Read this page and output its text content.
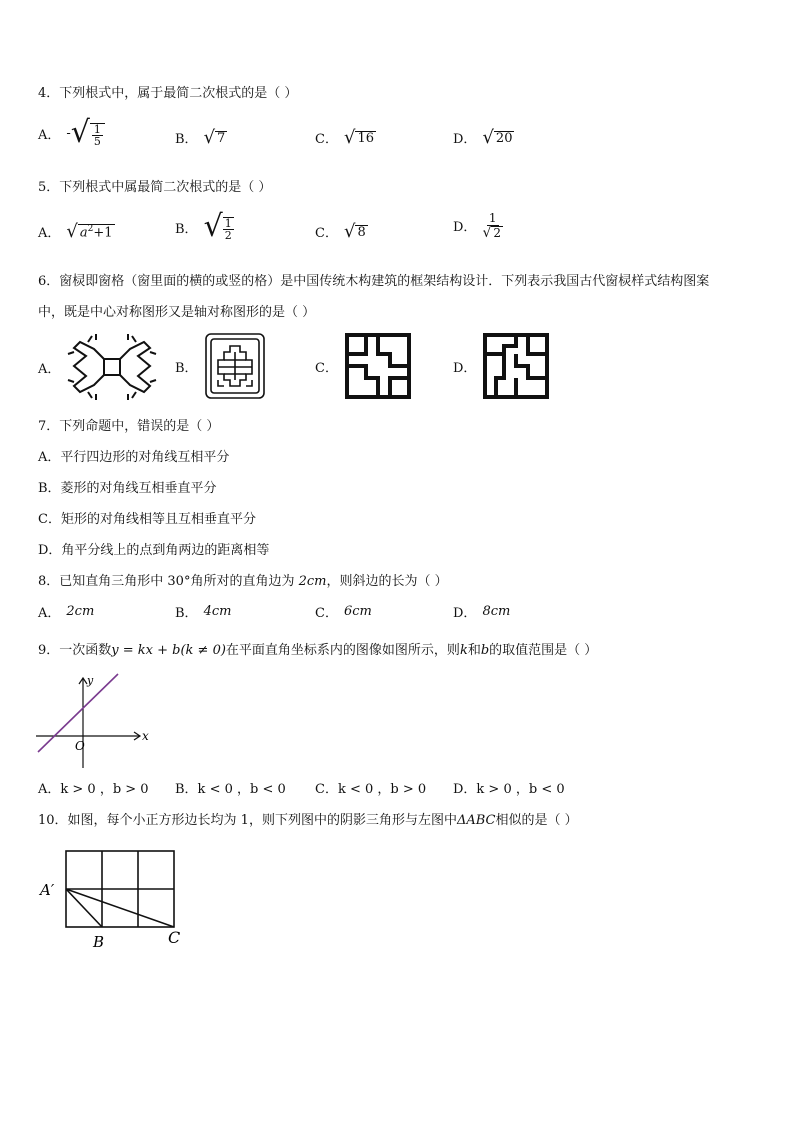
4．下列根式中，属于最简二次根式的是（ ）
A． - √ $\frac{1}{5}$	B． √ 7	C． √ 16	D． √ 20
5．下列根式中属最简二次根式的是（ ）
A． √ $a^2+1$	B． √ $\frac{1}{2}$	C． √ 8	D． $\frac{1}{√ 2}$
6．窗棂即窗格（窗里面的横的或竖的格）是中国传统木构建筑的框架结构设计．下列表示我国古代窗棂样式结构图案
中，既是中心对称图形又是轴对称图形的是（ ）
A．	B．	C．	D．
7．下列命题中，错误的是（ ）
A．平行四边形的对角线互相平分
B．菱形的对角线互相垂直平分
C．矩形的对角线相等且互相垂直平分
D．角平分线上的点到角两边的距离相等
8．已知直角三角形中 30°角所对的直角边为 2cm，则斜边的长为（ ）
A． 2cm	B． 4cm	C． 6cm	D． 8cm
9．一次函数y = kx + b(k ≠ 0)在平面直角坐标系内的图像如图所示，则k和b的取值范围是（ ）
x
y
O
A．k > 0 ，b > 0 B．k < 0 ，b < 0 C．k < 0 ，b > 0 D．k > 0 ，b < 0
10．如图，每个小正方形边长均为 1，则下列图中的阴影三角形与左图中ΔABC相似的是（ ）
A′
B	C
